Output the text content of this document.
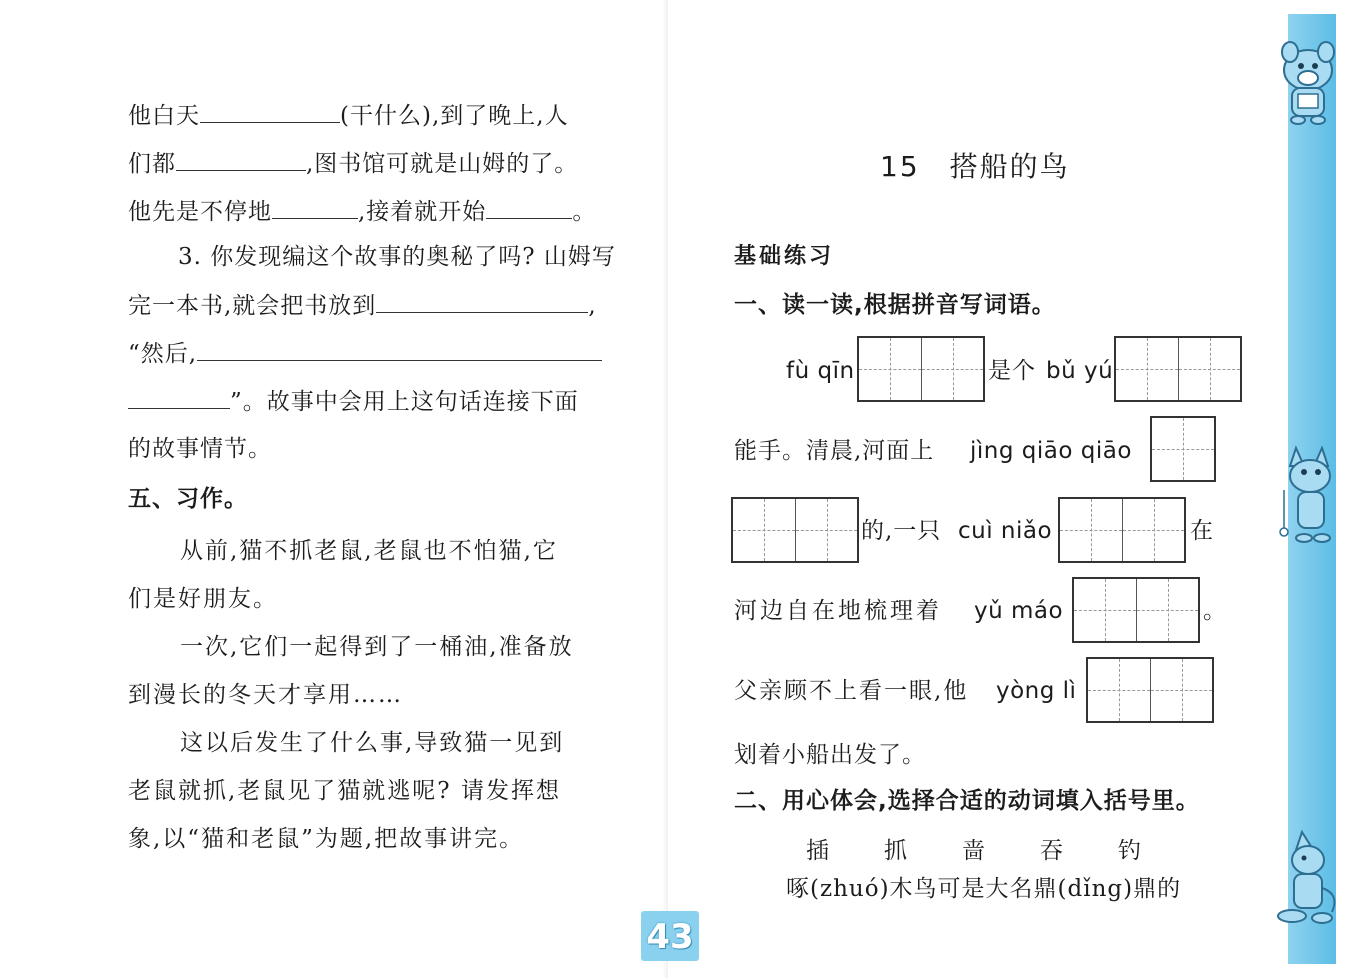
他白天	(干什么),到了晚上,人
们都	,图书馆可就是山姆的了。
他先是不停地	,接着就开始	。
3. 你发现编这个故事的奥秘了吗? 山姆写
完一本书,就会把书放到	,
“然后,
”。故事中会用上这句话连接下面
的故事情节。
五、习作。
从前,猫不抓老鼠,老鼠也不怕猫,它
们是好朋友。
一次,它们一起得到了一桶油,准备放
到漫长的冬天才享用……
这以后发生了什么事,导致猫一见到
老鼠就抓,老鼠见了猫就逃呢? 请发挥想
象,以“猫和老鼠”为题,把故事讲完。
15 搭船的鸟
基础练习
一、读一读,根据拼音写词语。
fù qīn	是个 bǔ yú
能手。清晨,河面上 jìng qiāo qiāo
的,一只 cuì niǎo	在
河边自在地梳理着 yǔ máo	。
父亲顾不上看一眼,他 yòng lì
划着小船出发了。
二、用心体会,选择合适的动词填入括号里。
插 抓 啬 吞 钓
啄(zhuó)木鸟可是大名鼎(dǐng)鼎的
43
